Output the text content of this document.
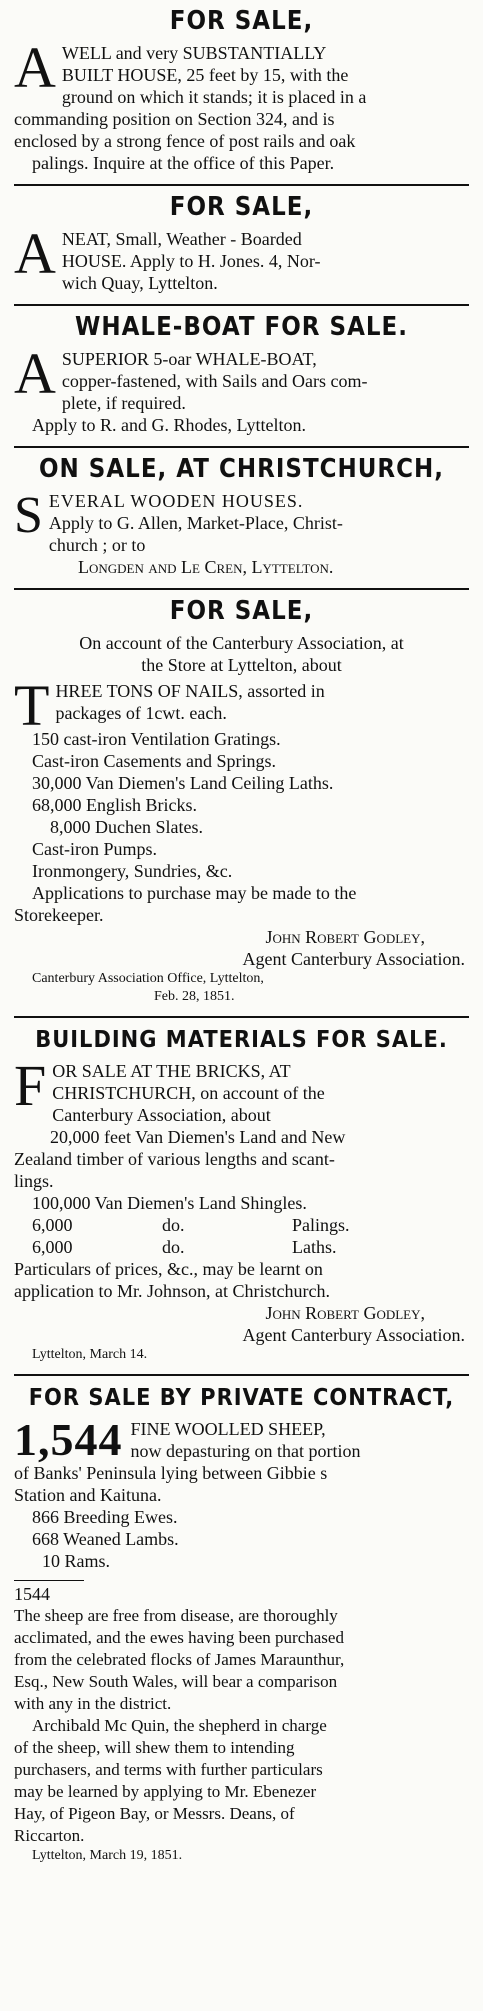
FOR SALE,
A WELL and very SUBSTANTIALLY
BUILT HOUSE, 25 feet by 15, with the
ground on which it stands; it is placed in a
commanding position on Section 324, and is
enclosed by a strong fence of post rails and oak
palings. Inquire at the office of this Paper.
FOR SALE,
A NEAT, Small, Weather - Boarded
HOUSE. Apply to H. Jones. 4, Nor-
wich Quay, Lyttelton.
WHALE-BOAT FOR SALE.
A SUPERIOR 5-oar WHALE-BOAT,
copper-fastened, with Sails and Oars com-
plete, if required.
Apply to R. and G. Rhodes, Lyttelton.
ON SALE, AT CHRISTCHURCH,
S EVERAL WOODEN HOUSES.
Apply to G. Allen, Market-Place, Christ-
church ; or to
Longden and Le Cren, Lyttelton.
FOR SALE,
On account of the Canterbury Association, at
the Store at Lyttelton, about
T HREE TONS OF NAILS, assorted in
packages of 1cwt. each.
150 cast-iron Ventilation Gratings.
Cast-iron Casements and Springs.
30,000 Van Diemen's Land Ceiling Laths.
68,000 English Bricks.
8,000 Duchen Slates.
Cast-iron Pumps.
Ironmongery, Sundries, &c.
Applications to purchase may be made to the
Storekeeper.
John Robert Godley,
Agent Canterbury Association.
Canterbury Association Office, Lyttelton,
Feb. 28, 1851.
BUILDING MATERIALS FOR SALE.
F OR SALE AT THE BRICKS, AT
CHRISTCHURCH, on account of the
Canterbury Association, about
20,000 feet Van Diemen's Land and New
Zealand timber of various lengths and scant-
lings.
100,000 Van Diemen's Land Shingles.
6,000	do.	Palings.
6,000	do.	Laths.
Particulars of prices, &c., may be learnt on
application to Mr. Johnson, at Christchurch.
John Robert Godley,
Agent Canterbury Association.
Lyttelton, March 14.
FOR SALE BY PRIVATE CONTRACT,
1,544 FINE WOOLLED SHEEP,
now depasturing on that portion
of Banks' Peninsula lying between Gibbie s
Station and Kaituna.
866 Breeding Ewes.
668 Weaned Lambs.
10 Rams.
1544
The sheep are free from disease, are thoroughly
acclimated, and the ewes having been purchased
from the celebrated flocks of James Maraunthur,
Esq., New South Wales, will bear a comparison
with any in the district.
Archibald Mc Quin, the shepherd in charge
of the sheep, will shew them to intending
purchasers, and terms with further particulars
may be learned by applying to Mr. Ebenezer
Hay, of Pigeon Bay, or Messrs. Deans, of
Riccarton.
Lyttelton, March 19, 1851.
